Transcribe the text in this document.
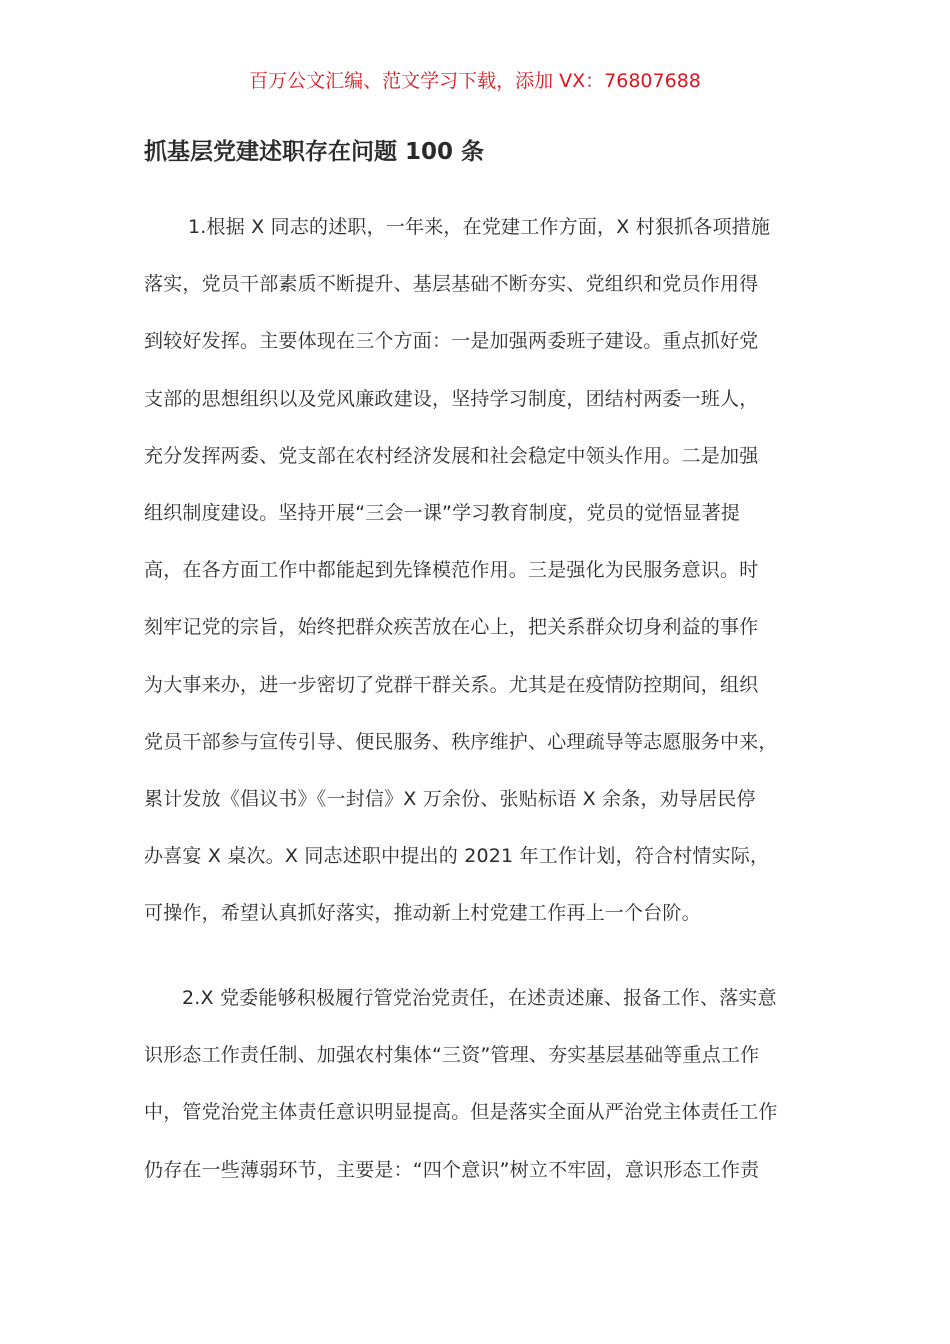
百万公文汇编、范文学习下载，添加 VX：76807688
抓基层党建述职存在问题 100 条
1.根据 X 同志的述职，一年来，在党建工作方面，X 村狠抓各项措施
落实，党员干部素质不断提升、基层基础不断夯实、党组织和党员作用得
到较好发挥。主要体现在三个方面：一是加强两委班子建设。重点抓好党
支部的思想组织以及党风廉政建设，坚持学习制度，团结村两委一班人，
充分发挥两委、党支部在农村经济发展和社会稳定中领头作用。二是加强
组织制度建设。坚持开展“三会一课”学习教育制度，党员的觉悟显著提
高，在各方面工作中都能起到先锋模范作用。三是强化为民服务意识。时
刻牢记党的宗旨，始终把群众疾苦放在心上，把关系群众切身利益的事作
为大事来办，进一步密切了党群干群关系。尤其是在疫情防控期间，组织
党员干部参与宣传引导、便民服务、秩序维护、心理疏导等志愿服务中来，
累计发放《倡议书》《一封信》X 万余份、张贴标语 X 余条，劝导居民停
办喜宴 X 桌次。X 同志述职中提出的 2021 年工作计划，符合村情实际，
可操作，希望认真抓好落实，推动新上村党建工作再上一个台阶。
2.X 党委能够积极履行管党治党责任，在述责述廉、报备工作、落实意
识形态工作责任制、加强农村集体“三资”管理、夯实基层基础等重点工作
中，管党治党主体责任意识明显提高。但是落实全面从严治党主体责任工作
仍存在一些薄弱环节，主要是：“四个意识”树立不牢固，意识形态工作责
